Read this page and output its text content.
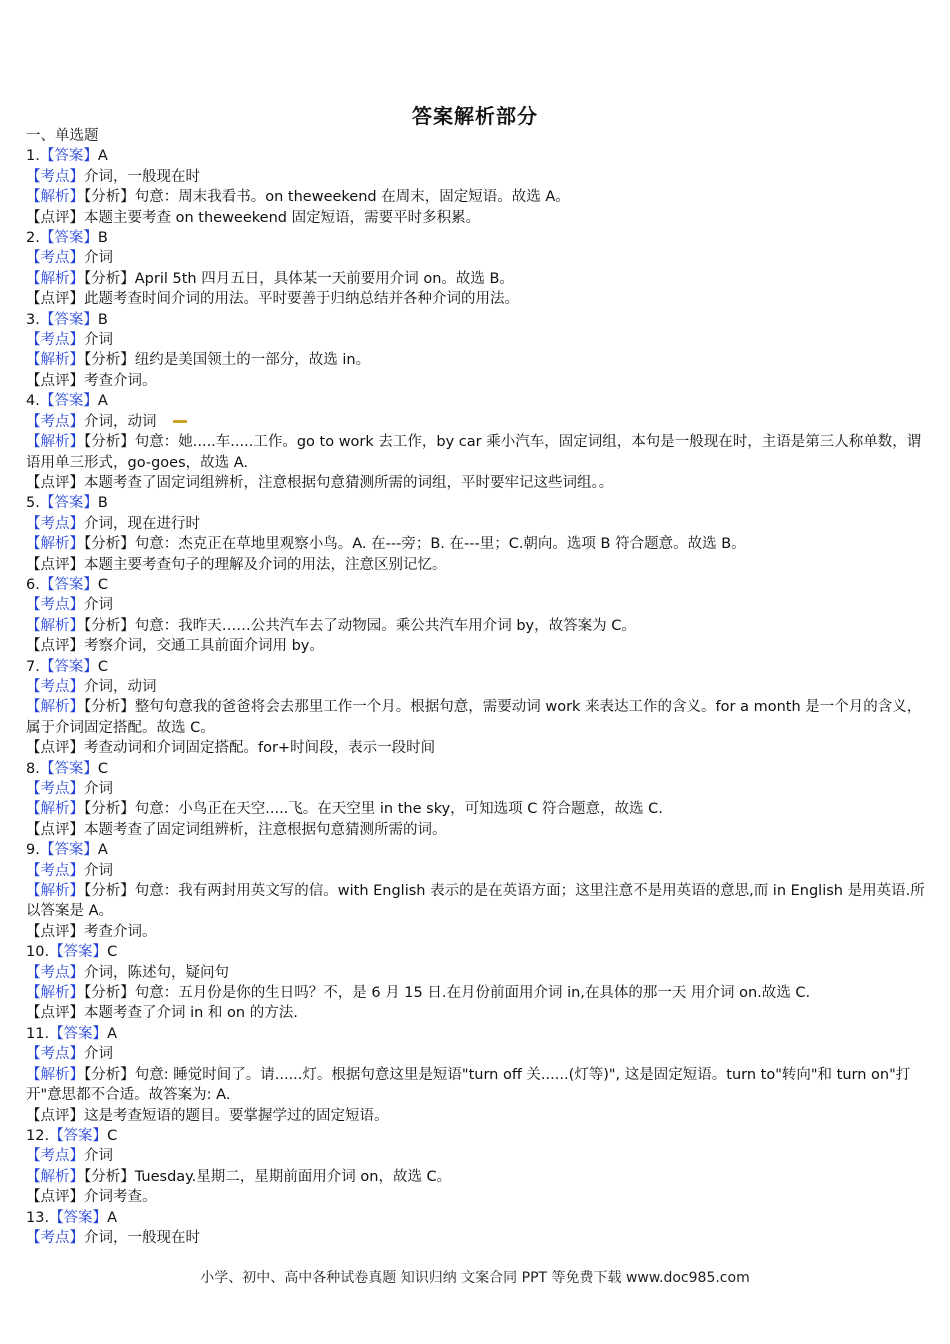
答案解析部分
一、单选题
1.【答案】A
【考点】介词，一般现在时
【解析】【分析】句意：周末我看书。on theweekend 在周末，固定短语。故选 A。
【点评】本题主要考查 on theweekend 固定短语，需要平时多积累。
2.【答案】B
【考点】介词
【解析】【分析】April 5th 四月五日，具体某一天前要用介词 on。故选 B。
【点评】此题考查时间介词的用法。平时要善于归纳总结并各种介词的用法。
3.【答案】B
【考点】介词
【解析】【分析】纽约是美国领土的一部分，故选 in。
【点评】考查介词。
4.【答案】A
【考点】介词，动词
【解析】【分析】句意：她.....车.....工作。go to work 去工作，by car 乘小汽车，固定词组，本句是一般现在时，主语是第三人称单数，谓语用单三形式，go-goes，故选 A.
【点评】本题考查了固定词组辨析，注意根据句意猜测所需的词组，平时要牢记这些词组。。
5.【答案】B
【考点】介词，现在进行时
【解析】【分析】句意：杰克正在草地里观察小鸟。A. 在---旁；B. 在---里；C.朝向。选项 B 符合题意。故选 B。
【点评】本题主要考查句子的理解及介词的用法，注意区别记忆。
6.【答案】C
【考点】介词
【解析】【分析】句意：我昨天……公共汽车去了动物园。乘公共汽车用介词 by，故答案为 C。
【点评】考察介词，交通工具前面介词用 by。
7.【答案】C
【考点】介词，动词
【解析】【分析】整句句意我的爸爸将会去那里工作一个月。根据句意，需要动词 work 来表达工作的含义。for a month 是一个月的含义，属于介词固定搭配。故选 C。
【点评】考查动词和介词固定搭配。for+时间段，表示一段时间
8.【答案】C
【考点】介词
【解析】【分析】句意：小鸟正在天空.....飞。在天空里 in the sky，可知选项 C 符合题意，故选 C.
【点评】本题考查了固定词组辨析，注意根据句意猜测所需的词。
9.【答案】A
【考点】介词
【解析】【分析】句意：我有两封用英文写的信。with English 表示的是在英语方面；这里注意不是用英语的意思,而 in English 是用英语.所以答案是 A。
【点评】考查介词。
10.【答案】C
【考点】介词，陈述句，疑问句
【解析】【分析】句意：五月份是你的生日吗？不，是 6 月 15 日.在月份前面用介词 in,在具体的那一天 用介词 on.故选 C.
【点评】本题考查了介词 in 和 on 的方法.
11.【答案】A
【考点】介词
【解析】【分析】句意: 睡觉时间了。请......灯。根据句意这里是短语"turn off 关......(灯等)", 这是固定短语。turn to"转向"和 turn on"打开"意思都不合适。故答案为: A.
【点评】这是考查短语的题目。要掌握学过的固定短语。
12.【答案】C
【考点】介词
【解析】【分析】Tuesday.星期二，星期前面用介词 on，故选 C。
【点评】介词考查。
13.【答案】A
【考点】介词，一般现在时
小学、初中、高中各种试卷真题 知识归纳 文案合同 PPT 等免费下载 www.doc985.com
